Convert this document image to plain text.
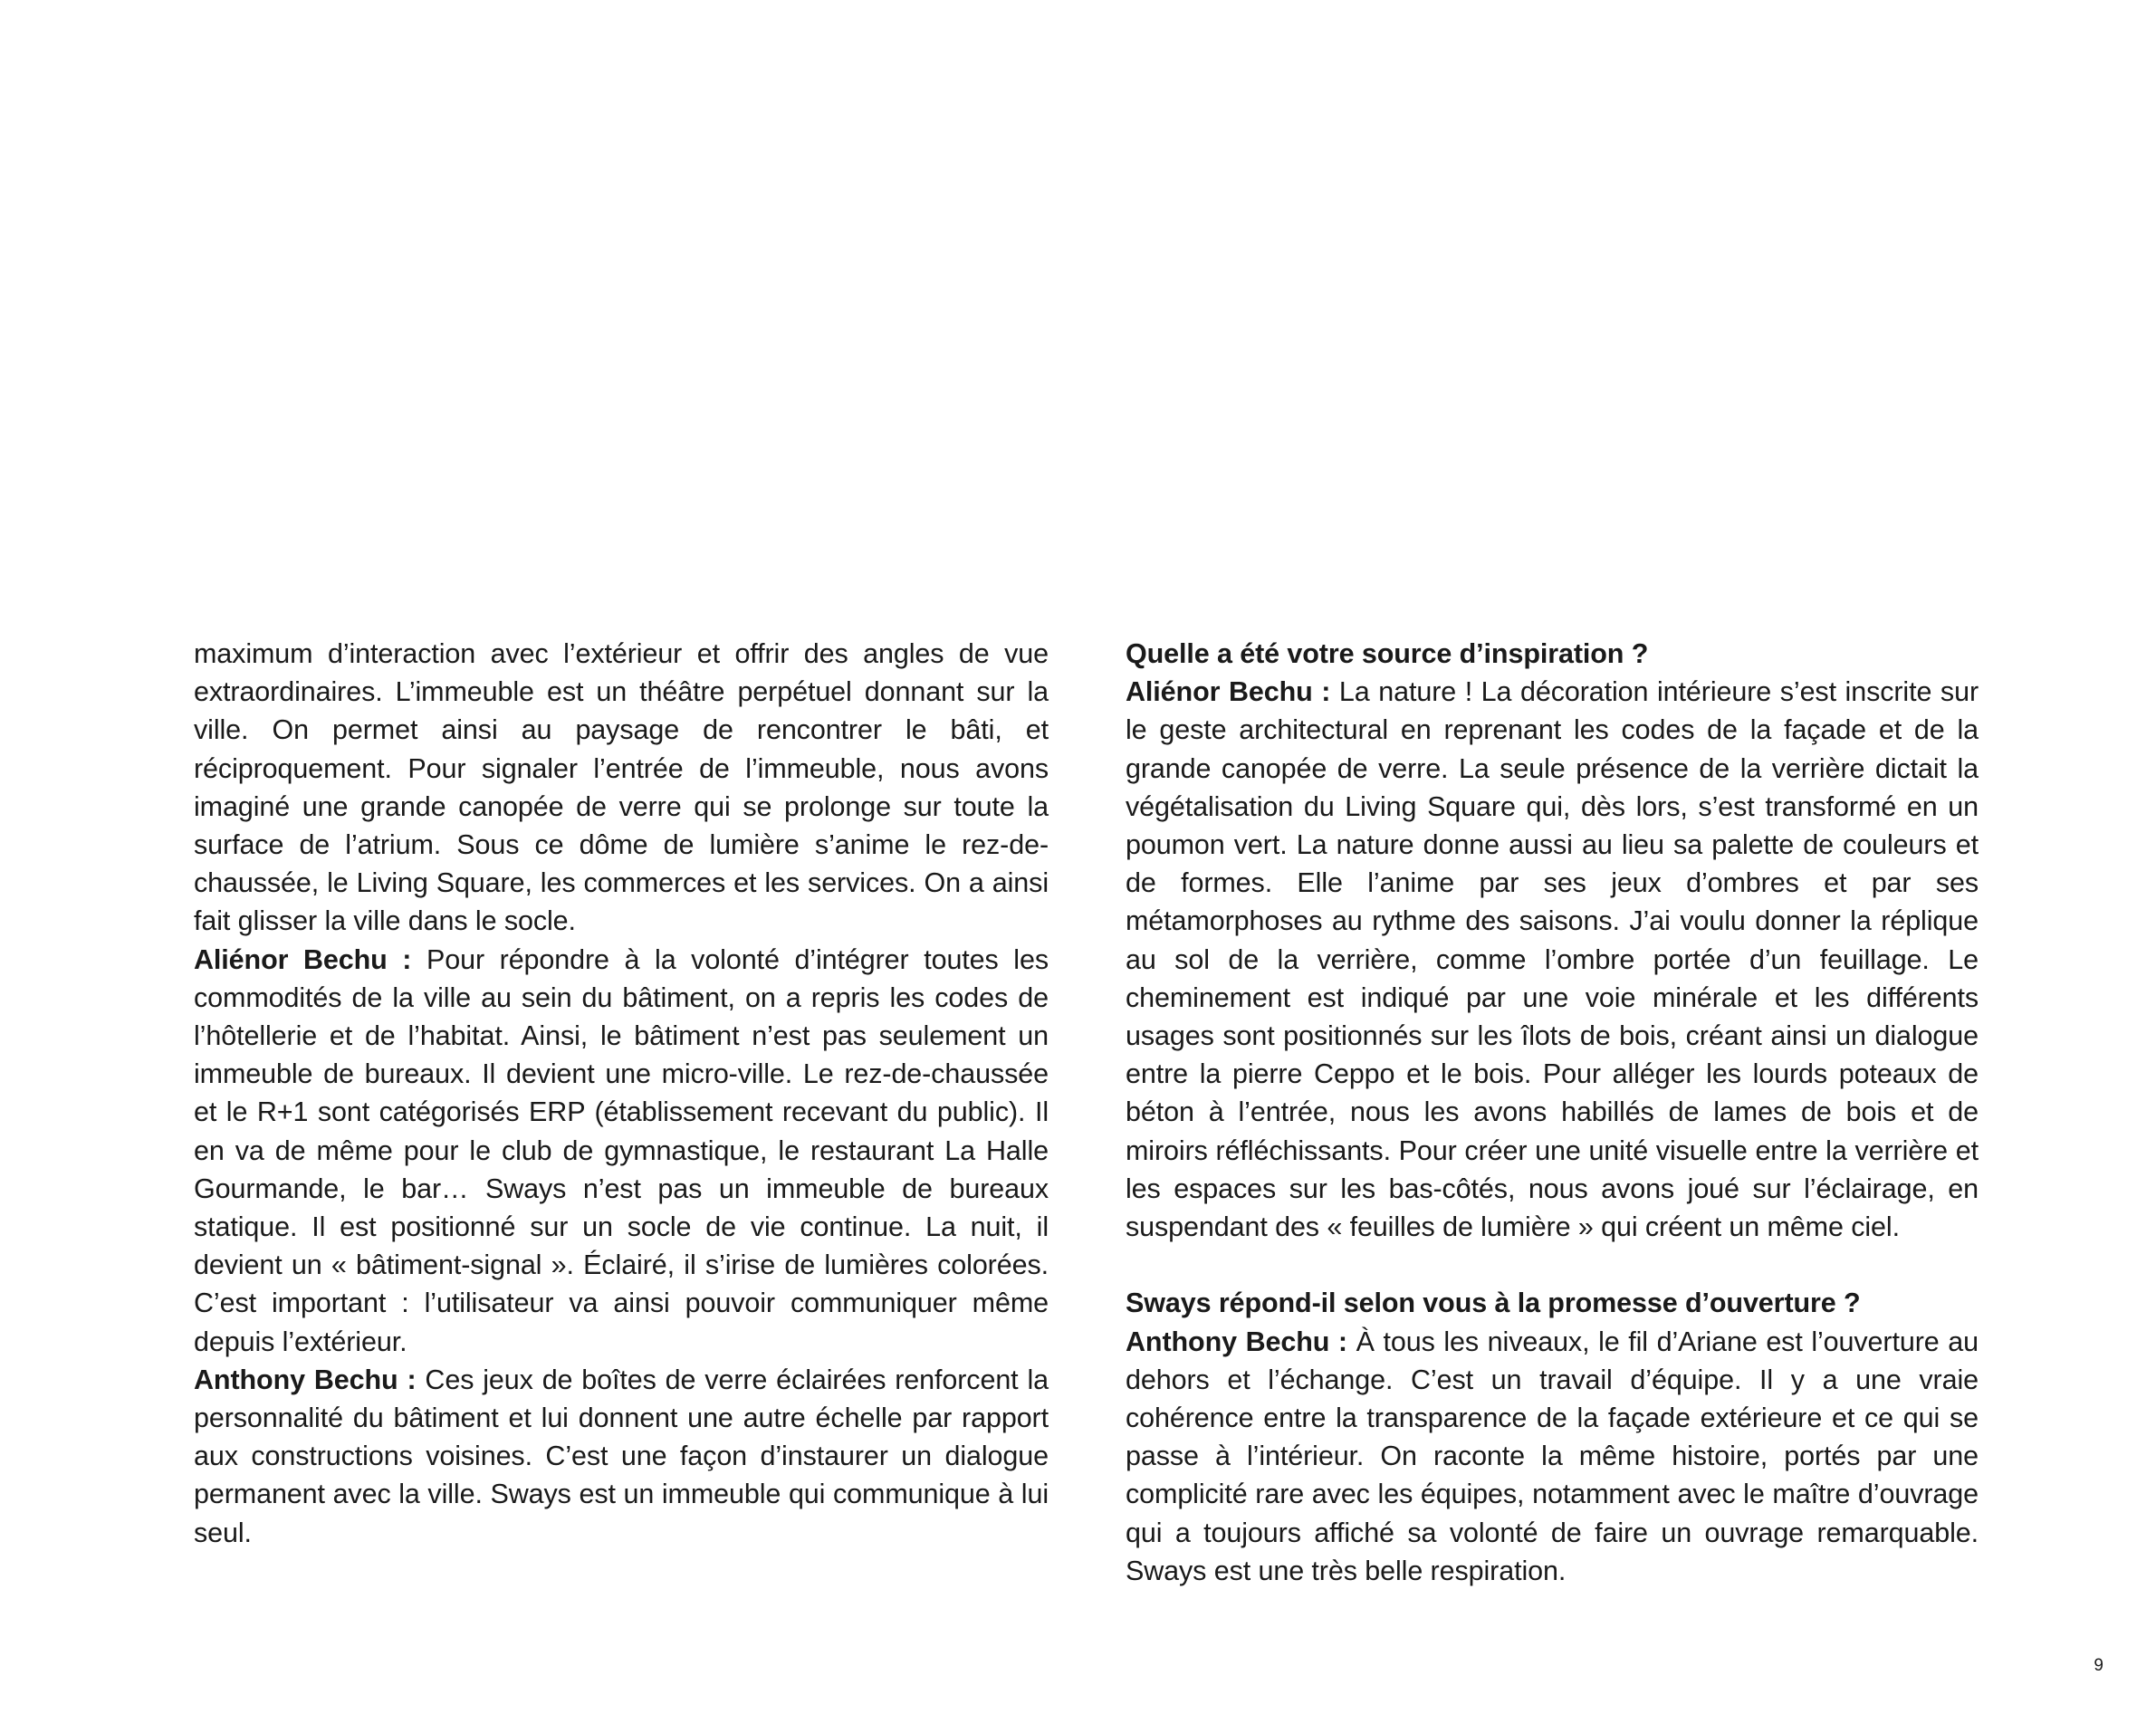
maximum d’interaction avec l’extérieur et offrir des angles de vue extraordinaires. L’immeuble est un théâtre perpétuel donnant sur la ville. On permet ainsi au paysage de rencontrer le bâti, et réciproquement. Pour signaler l’entrée de l’immeuble, nous avons imaginé une grande canopée de verre qui se prolonge sur toute la surface de l’atrium. Sous ce dôme de lumière s’anime le rez-de-chaussée, le Living Square, les commerces et les services. On a ainsi fait glisser la ville dans le socle.

Aliénor Bechu : Pour répondre à la volonté d’intégrer toutes les commodités de la ville au sein du bâtiment, on a repris les codes de l’hôtellerie et de l’habitat. Ainsi, le bâtiment n’est pas seulement un immeuble de bureaux. Il devient une micro-ville. Le rez-de-chaussée et le R+1 sont catégorisés ERP (établissement recevant du public). Il en va de même pour le club de gymnastique, le restaurant La Halle Gourmande, le bar… Sways n’est pas un immeuble de bureaux statique. Il est positionné sur un socle de vie continue. La nuit, il devient un « bâtiment-signal ». Éclairé, il s’irise de lumières colorées. C’est important : l’utilisateur va ainsi pouvoir communiquer même depuis l’extérieur.

Anthony Bechu : Ces jeux de boîtes de verre éclairées renforcent la personnalité du bâtiment et lui donnent une autre échelle par rapport aux constructions voisines. C’est une façon d’instaurer un dialogue permanent avec la ville. Sways est un immeuble qui communique à lui seul.

Quelle a été votre source d’inspiration ?

Aliénor Bechu : La nature ! La décoration intérieure s’est inscrite sur le geste architectural en reprenant les codes de la façade et de la grande canopée de verre. La seule présence de la verrière dictait la végétalisation du Living Square qui, dès lors, s’est transformé en un poumon vert. La nature donne aussi au lieu sa palette de couleurs et de formes. Elle l’anime par ses jeux d’ombres et par ses métamorphoses au rythme des saisons. J’ai voulu donner la réplique au sol de la verrière, comme l’ombre portée d’un feuillage. Le cheminement est indiqué par une voie minérale et les différents usages sont positionnés sur les îlots de bois, créant ainsi un dialogue entre la pierre Ceppo et le bois. Pour alléger les lourds poteaux de béton à l’entrée, nous les avons habillés de lames de bois et de miroirs réfléchissants. Pour créer une unité visuelle entre la verrière et les espaces sur les bas-côtés, nous avons joué sur l’éclairage, en suspendant des « feuilles de lumière » qui créent un même ciel.

Sways répond-il selon vous à la promesse d’ouverture ?

Anthony Bechu : À tous les niveaux, le fil d’Ariane est l’ouverture au dehors et l’échange. C’est un travail d’équipe. Il y a une vraie cohérence entre la transparence de la façade extérieure et ce qui se passe à l’intérieur. On raconte la même histoire, portés par une complicité rare avec les équipes, notamment avec le maître d’ouvrage qui a toujours affiché sa volonté de faire un ouvrage remarquable. Sways est une très belle respiration.

9
